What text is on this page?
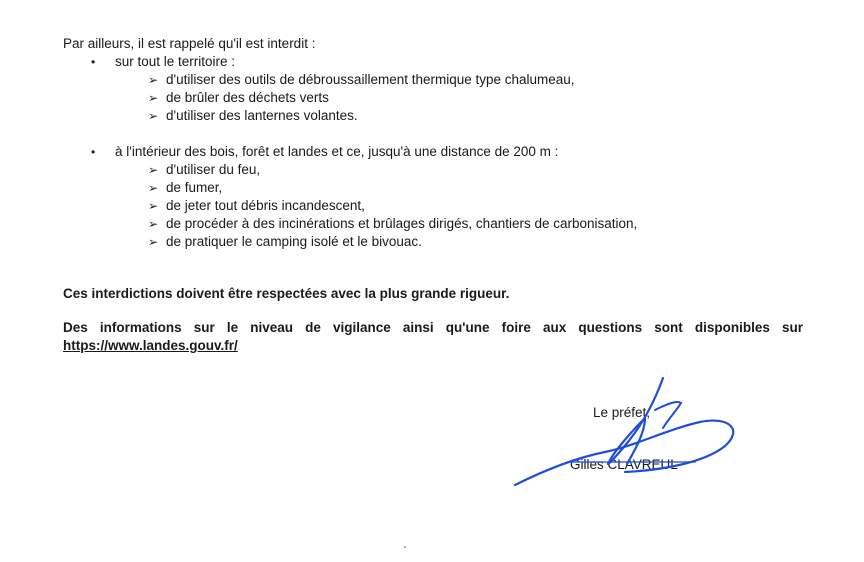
Par ailleurs, il est rappelé qu'il est interdit :
• sur tout le territoire :
➢ d'utiliser des outils de débroussaillement thermique type chalumeau,
➢ de brûler des déchets verts
➢ d'utiliser des lanternes volantes.
• à l'intérieur des bois, forêt et landes et ce, jusqu'à une distance de 200 m :
➢ d'utiliser du feu,
➢ de fumer,
➢ de jeter tout débris incandescent,
➢ de procéder à des incinérations et brûlages dirigés, chantiers de carbonisation,
➢ de pratiquer le camping isolé et le bivouac.
Ces interdictions doivent être respectées avec la plus grande rigueur.
Des informations sur le niveau de vigilance ainsi qu'une foire aux questions sont disponibles sur
https://www.landes.gouv.fr/
Le préfet,
Gilles CLAVREUL
